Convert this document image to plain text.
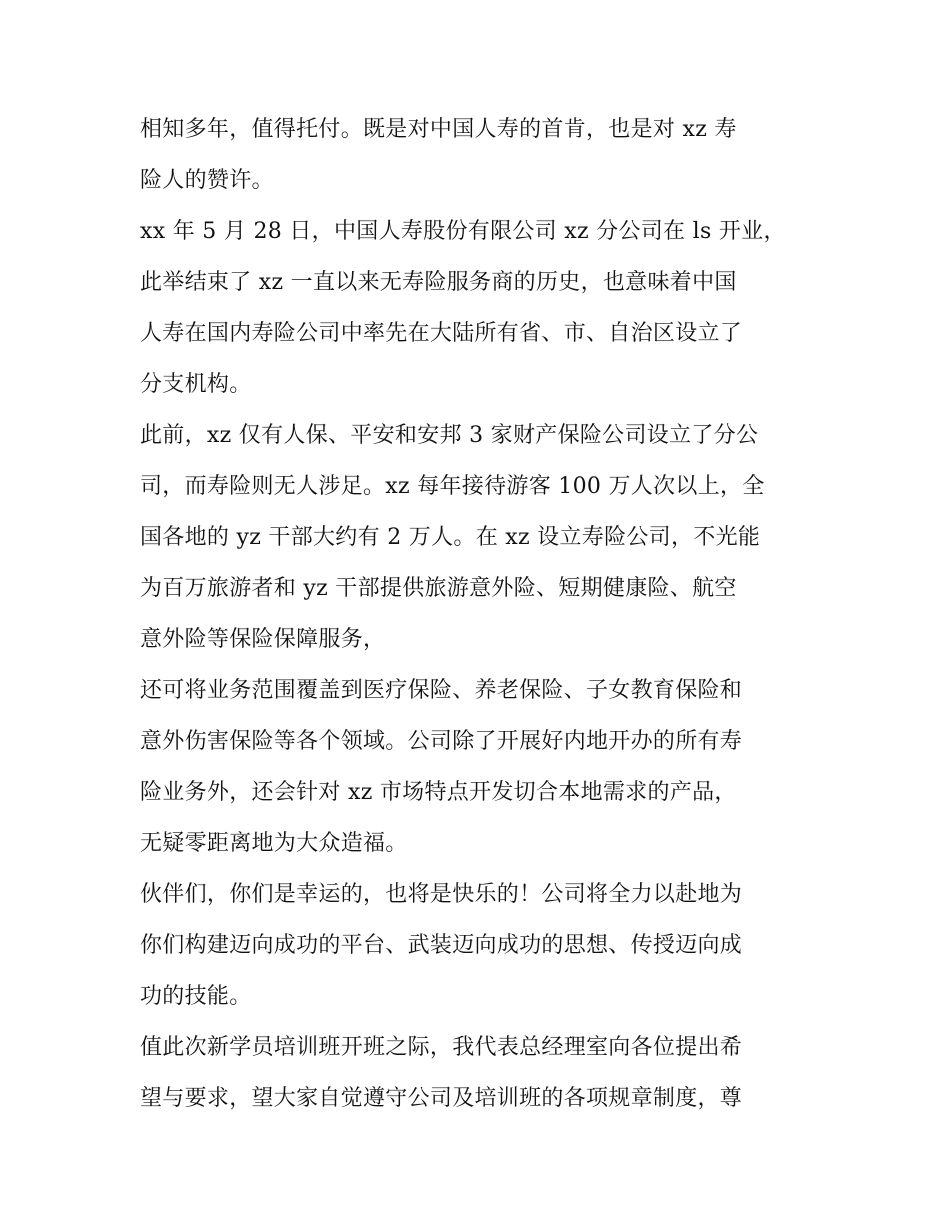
相知多年，值得托付。既是对中国人寿的首肯，也是对 xz 寿
险人的赞许。
xx 年 5 月 28 日，中国人寿股份有限公司 xz 分公司在 ls 开业，
此举结束了 xz 一直以来无寿险服务商的历史，也意味着中国
人寿在国内寿险公司中率先在大陆所有省、市、自治区设立了
分支机构。
此前，xz 仅有人保、平安和安邦 3 家财产保险公司设立了分公
司，而寿险则无人涉足。xz 每年接待游客 100 万人次以上，全
国各地的 yz 干部大约有 2 万人。在 xz 设立寿险公司，不光能
为百万旅游者和 yz 干部提供旅游意外险、短期健康险、航空
意外险等保险保障服务，
还可将业务范围覆盖到医疗保险、养老保险、子女教育保险和
意外伤害保险等各个领域。公司除了开展好内地开办的所有寿
险业务外，还会针对 xz 市场特点开发切合本地需求的产品，
无疑零距离地为大众造福。
伙伴们，你们是幸运的，也将是快乐的！公司将全力以赴地为
你们构建迈向成功的平台、武装迈向成功的思想、传授迈向成
功的技能。
值此次新学员培训班开班之际，我代表总经理室向各位提出希
望与要求，望大家自觉遵守公司及培训班的各项规章制度，尊
